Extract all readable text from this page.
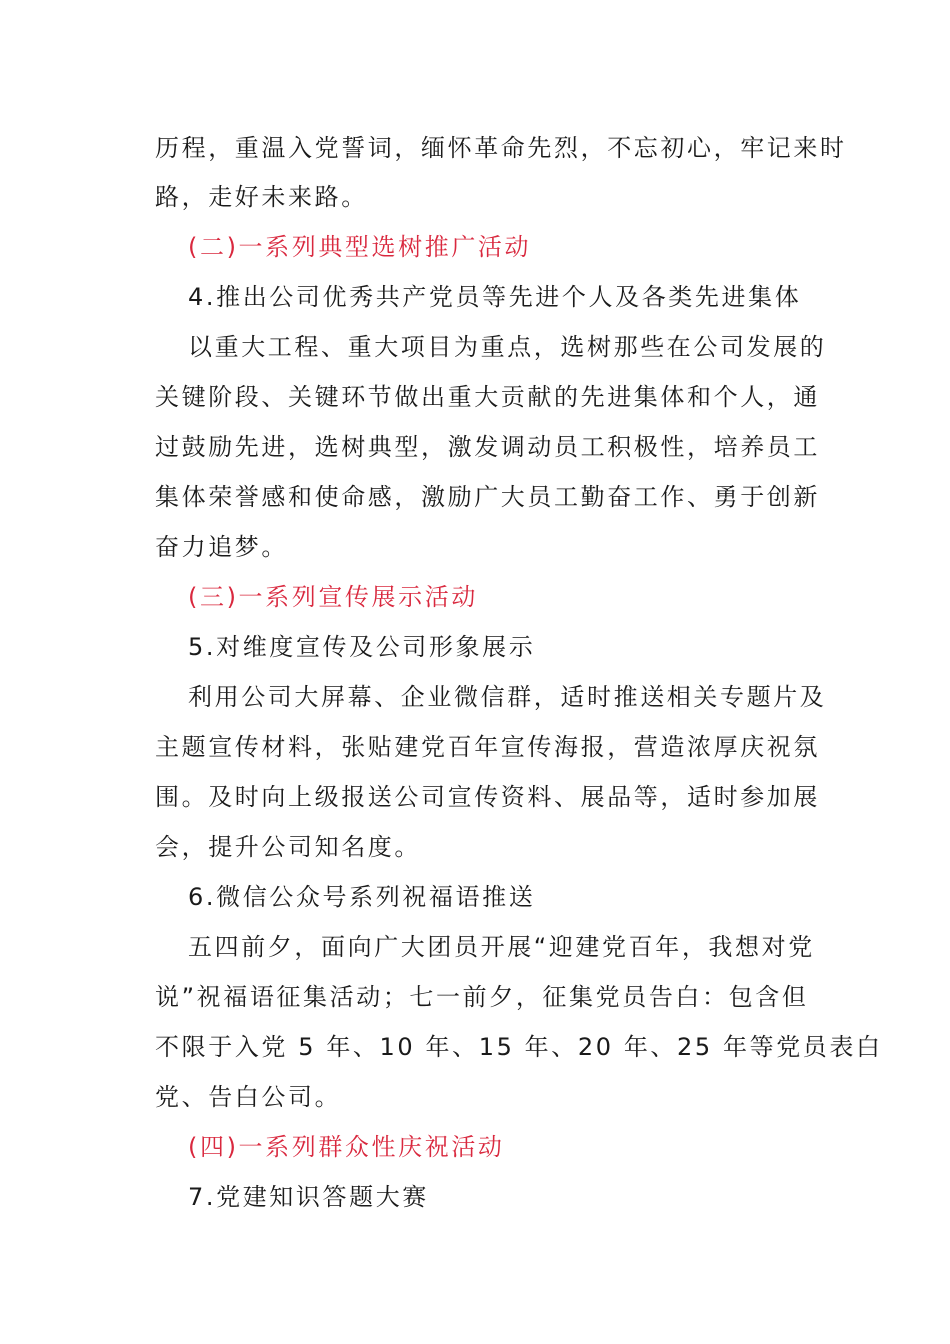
历程，重温入党誓词，缅怀革命先烈，不忘初心，牢记来时
路，走好未来路。
(二)一系列典型选树推广活动
4.推出公司优秀共产党员等先进个人及各类先进集体
以重大工程、重大项目为重点，选树那些在公司发展的
关键阶段、关键环节做出重大贡献的先进集体和个人，通
过鼓励先进，选树典型，激发调动员工积极性，培养员工
集体荣誉感和使命感，激励广大员工勤奋工作、勇于创新
奋力追梦。
(三)一系列宣传展示活动
5.对维度宣传及公司形象展示
利用公司大屏幕、企业微信群，适时推送相关专题片及
主题宣传材料，张贴建党百年宣传海报，营造浓厚庆祝氛
围。及时向上级报送公司宣传资料、展品等，适时参加展
会，提升公司知名度。
6.微信公众号系列祝福语推送
五四前夕，面向广大团员开展“迎建党百年，我想对党
说”祝福语征集活动；七一前夕，征集党员告白：包含但
不限于入党 5 年、10 年、15 年、20 年、25 年等党员表白
党、告白公司。
(四)一系列群众性庆祝活动
7.党建知识答题大赛
